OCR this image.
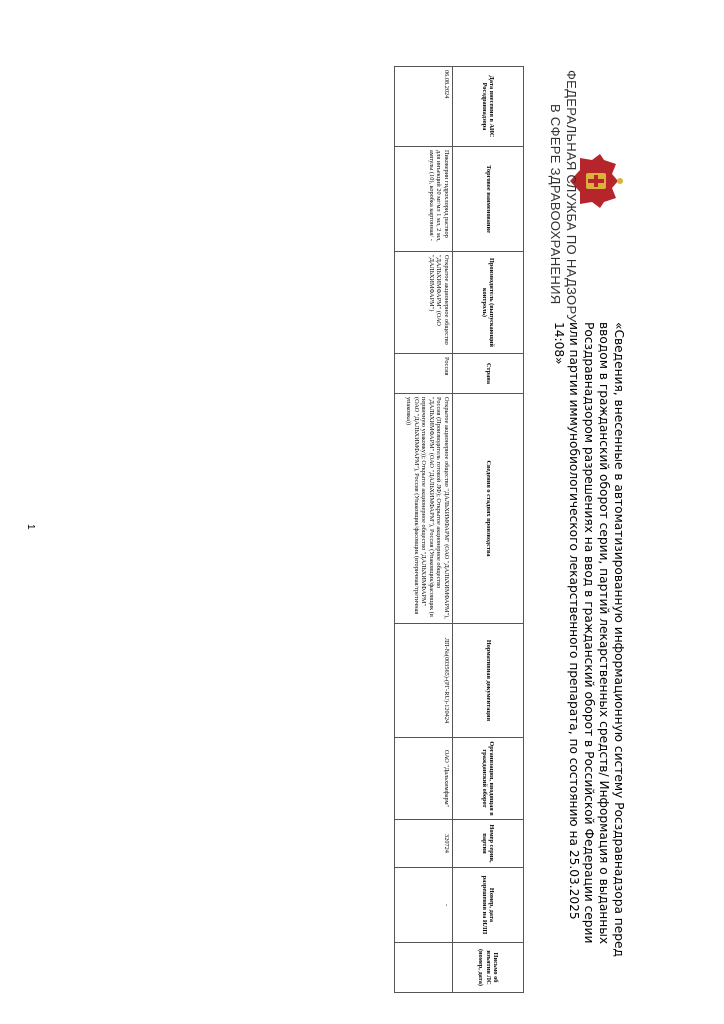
ФЕДЕРАЛЬНАЯ СЛУЖБА ПО НАДЗОРУ
В СФЕРЕ ЗДРАВООХРАНЕНИЯ
«Сведения, внесенные в автоматизированную информационную систему Росздравнадзора перед вводом в гражданский оборот серии, партий лекарственных средств/ Информация о выданных Росздравнадзором разрешениях на ввод в гражданский оборот в Российской Федерации серии или партии иммунобиологического лекарственного препарата, по состоянию на 25.03.2025 14:08»
Дата внесения в АИС Росздравнадзора	Торговое наименование	Производитель (выпускающий контроль)	Страна	Сведения о стадиях производства	Нормативная документация	Организация, вводящая в гражданский оборот	Номер серии, партии	Номер, дата разрешения на ИЛП	Письмо об изъятии ЛС (номер, дата)
06.08.2024	Пиковерин гидрохлорид раствор для инъекций 20 мг/мл 1 мл, 2 мл, ампулы (10), коробка картонная/ -	Открытое акционерное общество "ДАЛЬХИМФАРМ" (ОАО "ДАЛЬХИМФАРМ")	Россия	Открытое акционерное общество "ДАЛЬХИМФАРМ" (ОАО "ДАЛЬХИМФАРМ"), Россия (Производитель готовой ЛФ); Открытое акционерное общество "ДАЛЬХИМФАРМ" (ОАО "ДАЛЬХИМФАРМ"), Россия (Упаковщик/фасовщик (в первичную упаковку)); Открытое акционерное общество "ДАЛЬХИМФАРМ" (ОАО "ДАЛЬХИМФАРМ"), Россия (Упаковщик/фасовщик (вторичная/третичная упаковка))	ЛП-№(003565)-(РГ-RU)-120424	ОАО "Дальхимфарм"	320724	-	
1
